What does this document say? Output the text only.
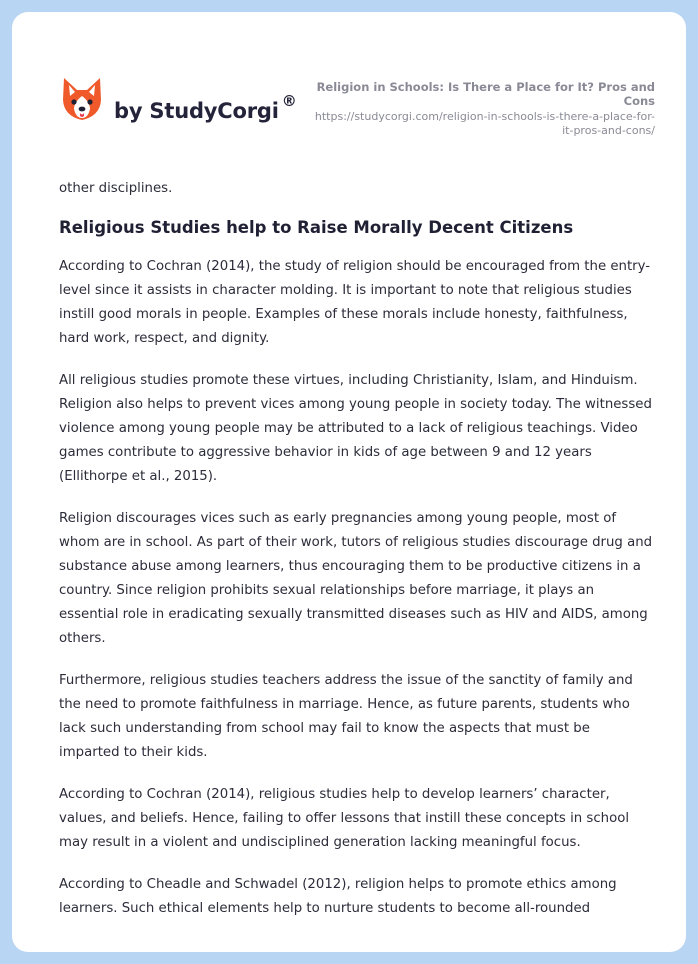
by StudyCorgi ®
Religion in Schools: Is There a Place for It? Pros and Cons
https://studycorgi.com/religion-in-schools-is-there-a-place-for-it-pros-and-cons/

other disciplines.

Religious Studies help to Raise Morally Decent Citizens

According to Cochran (2014), the study of religion should be encouraged from the entry-level since it assists in character molding. It is important to note that religious studies instill good morals in people. Examples of these morals include honesty, faithfulness, hard work, respect, and dignity.

All religious studies promote these virtues, including Christianity, Islam, and Hinduism. Religion also helps to prevent vices among young people in society today. The witnessed violence among young people may be attributed to a lack of religious teachings. Video games contribute to aggressive behavior in kids of age between 9 and 12 years (Ellithorpe et al., 2015).

Religion discourages vices such as early pregnancies among young people, most of whom are in school. As part of their work, tutors of religious studies discourage drug and substance abuse among learners, thus encouraging them to be productive citizens in a country. Since religion prohibits sexual relationships before marriage, it plays an essential role in eradicating sexually transmitted diseases such as HIV and AIDS, among others.

Furthermore, religious studies teachers address the issue of the sanctity of family and the need to promote faithfulness in marriage. Hence, as future parents, students who lack such understanding from school may fail to know the aspects that must be imparted to their kids.

According to Cochran (2014), religious studies help to develop learners’ character, values, and beliefs. Hence, failing to offer lessons that instill these concepts in school may result in a violent and undisciplined generation lacking meaningful focus.

According to Cheadle and Schwadel (2012), religion helps to promote ethics among learners. Such ethical elements help to nurture students to become all-rounded
